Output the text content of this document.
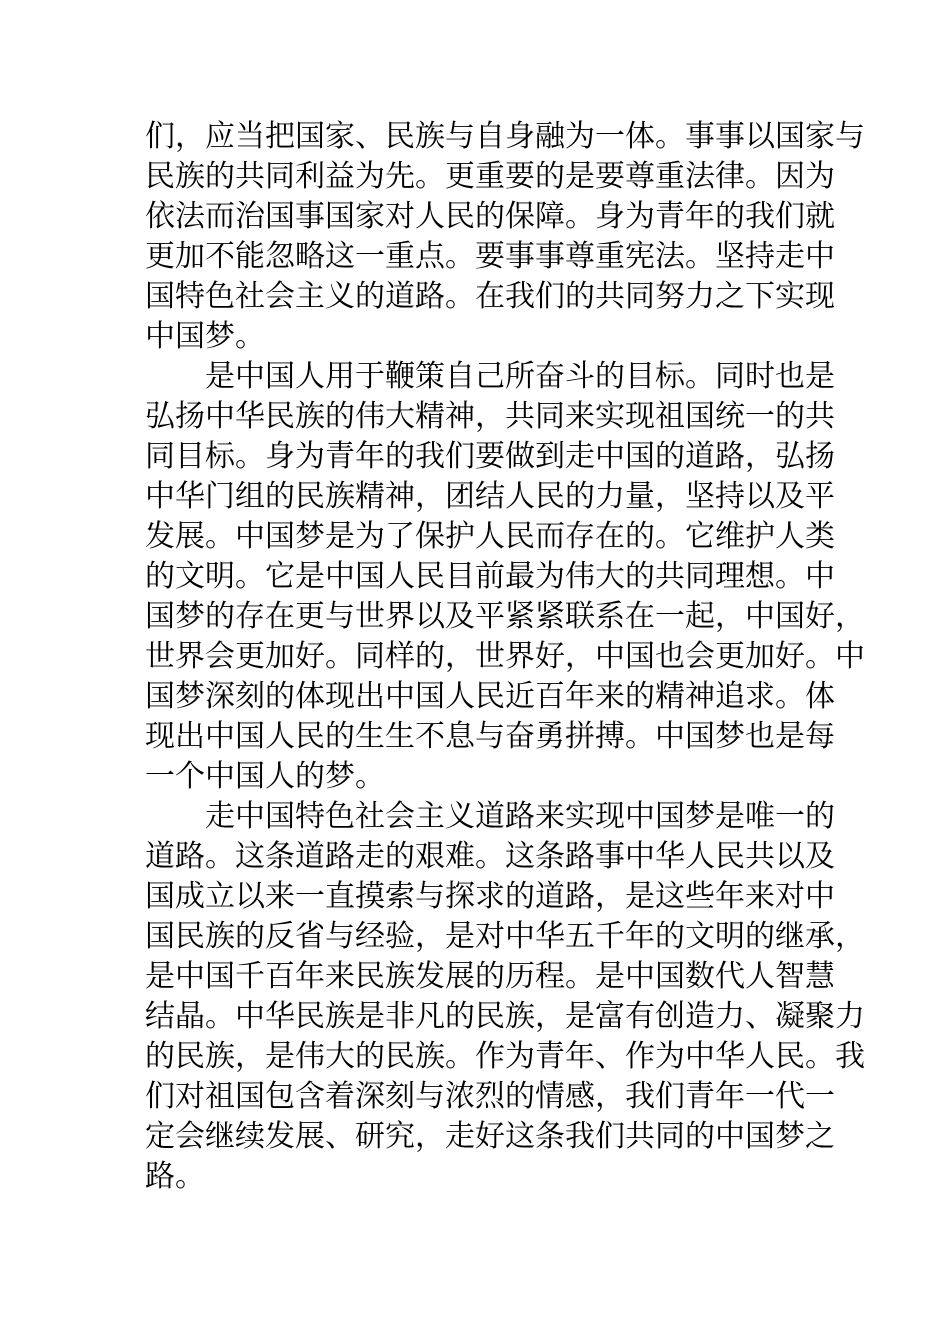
们，应当把国家、民族与自身融为一体。事事以国家与
民族的共同利益为先。更重要的是要尊重法律。因为
依法而治国事国家对人民的保障。身为青年的我们就
更加不能忽略这一重点。要事事尊重宪法。坚持走中
国特色社会主义的道路。在我们的共同努力之下实现
中国梦。
是中国人用于鞭策自己所奋斗的目标。同时也是
弘扬中华民族的伟大精神，共同来实现祖国统一的共
同目标。身为青年的我们要做到走中国的道路，弘扬
中华门组的民族精神，团结人民的力量，坚持以及平
发展。中国梦是为了保护人民而存在的。它维护人类
的文明。它是中国人民目前最为伟大的共同理想。中
国梦的存在更与世界以及平紧紧联系在一起，中国好，
世界会更加好。同样的，世界好，中国也会更加好。中
国梦深刻的体现出中国人民近百年来的精神追求。体
现出中国人民的生生不息与奋勇拼搏。中国梦也是每
一个中国人的梦。
走中国特色社会主义道路来实现中国梦是唯一的
道路。这条道路走的艰难。这条路事中华人民共以及
国成立以来一直摸索与探求的道路，是这些年来对中
国民族的反省与经验，是对中华五千年的文明的继承，
是中国千百年来民族发展的历程。是中国数代人智慧
结晶。中华民族是非凡的民族，是富有创造力、凝聚力
的民族，是伟大的民族。作为青年、作为中华人民。我
们对祖国包含着深刻与浓烈的情感，我们青年一代一
定会继续发展、研究，走好这条我们共同的中国梦之
路。
